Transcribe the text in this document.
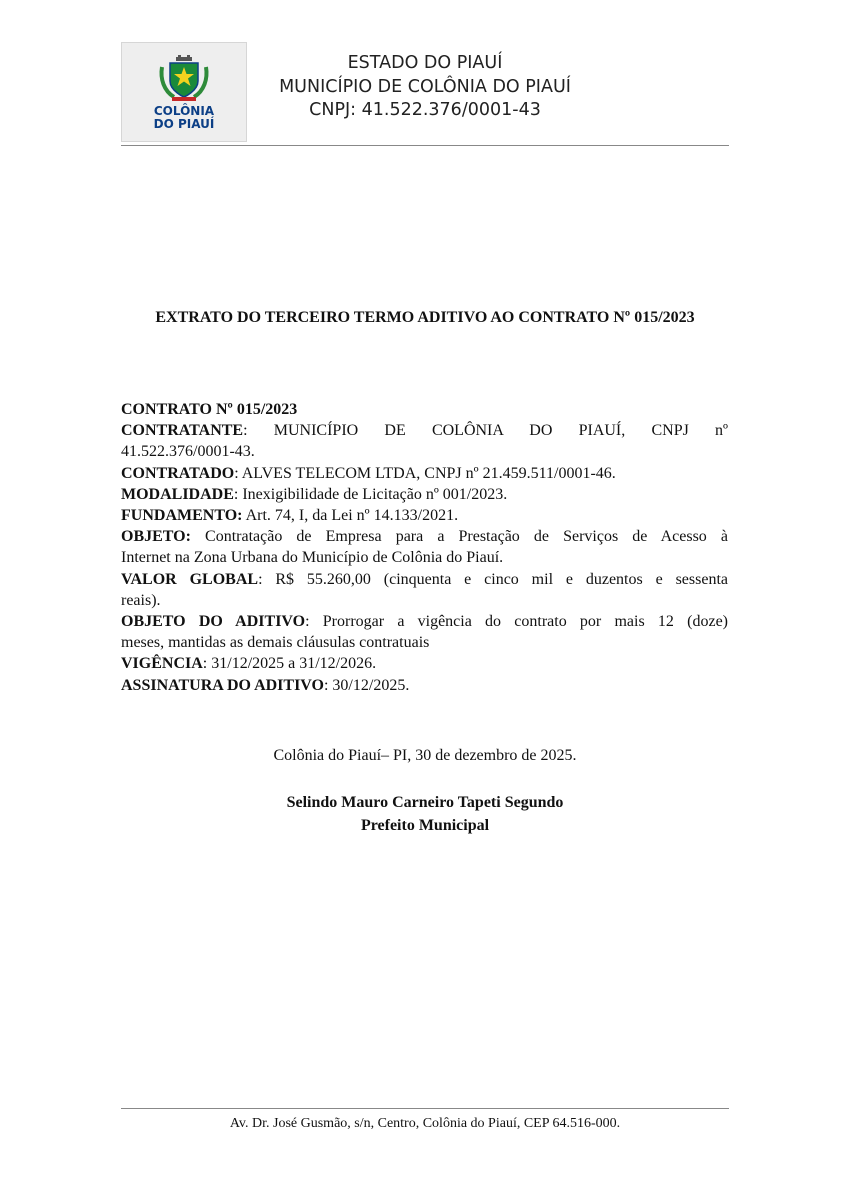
COLÔNIA
DO PIAUÍ
ESTADO DO PIAUÍ
MUNICÍPIO DE COLÔNIA DO PIAUÍ
CNPJ: 41.522.376/0001-43
EXTRATO DO TERCEIRO TERMO ADITIVO AO CONTRATO Nº 015/2023

CONTRATO Nº 015/2023

CONTRATANTE: MUNICÍPIO DE COLÔNIA DO PIAUÍ, CNPJ nº

41.522.376/0001-43.

CONTRATADO: ALVES TELECOM LTDA, CNPJ nº 21.459.511/0001-46.

MODALIDADE: Inexigibilidade de Licitação nº 001/2023.

FUNDAMENTO: Art. 74, I, da Lei nº 14.133/2021.

OBJETO: Contratação de Empresa para a Prestação de Serviços de Acesso à

Internet na Zona Urbana do Município de Colônia do Piauí.

VALOR GLOBAL: R$ 55.260,00 (cinquenta e cinco mil e duzentos e sessenta

reais).

OBJETO DO ADITIVO: Prorrogar a vigência do contrato por mais 12 (doze)

meses, mantidas as demais cláusulas contratuais

VIGÊNCIA: 31/12/2025 a 31/12/2026.

ASSINATURA DO ADITIVO: 30/12/2025.

Colônia do Piauí– PI, 30 de dezembro de 2025.
Selindo Mauro Carneiro Tapeti Segundo
Prefeito Municipal
Av. Dr. José Gusmão, s/n, Centro, Colônia do Piauí, CEP 64.516-000.
